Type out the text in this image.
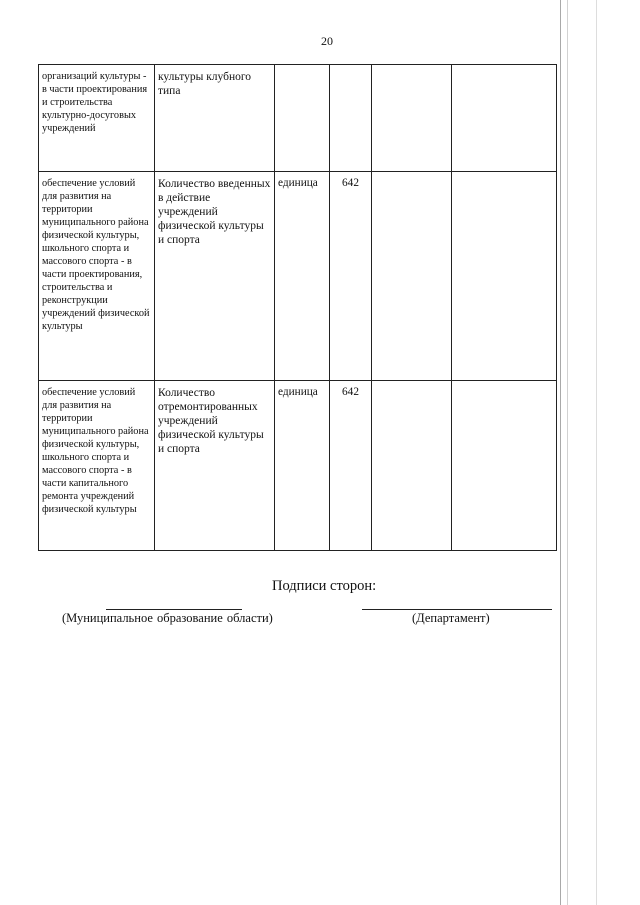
20
организаций культуры - в части проектирования и строительства культурно-досуговых учреждений	культуры клубного типа				
обеспечение условий для развития на территории муниципального района физической культуры, школьного спорта и массового спорта - в части проектирования, строительства и реконструкции учреждений физической культуры	Количество введенных в действие учреждений физической культуры и спорта	единица	642		
обеспечение условий для развития на территории муниципального района физической культуры, школьного спорта и массового спорта - в части капитального ремонта учреждений физической культуры	Количество отремонтированных учреждений физической культуры и спорта	единица	642		
Подписи сторон:
(Муниципальное образование области)	(Департамент)
